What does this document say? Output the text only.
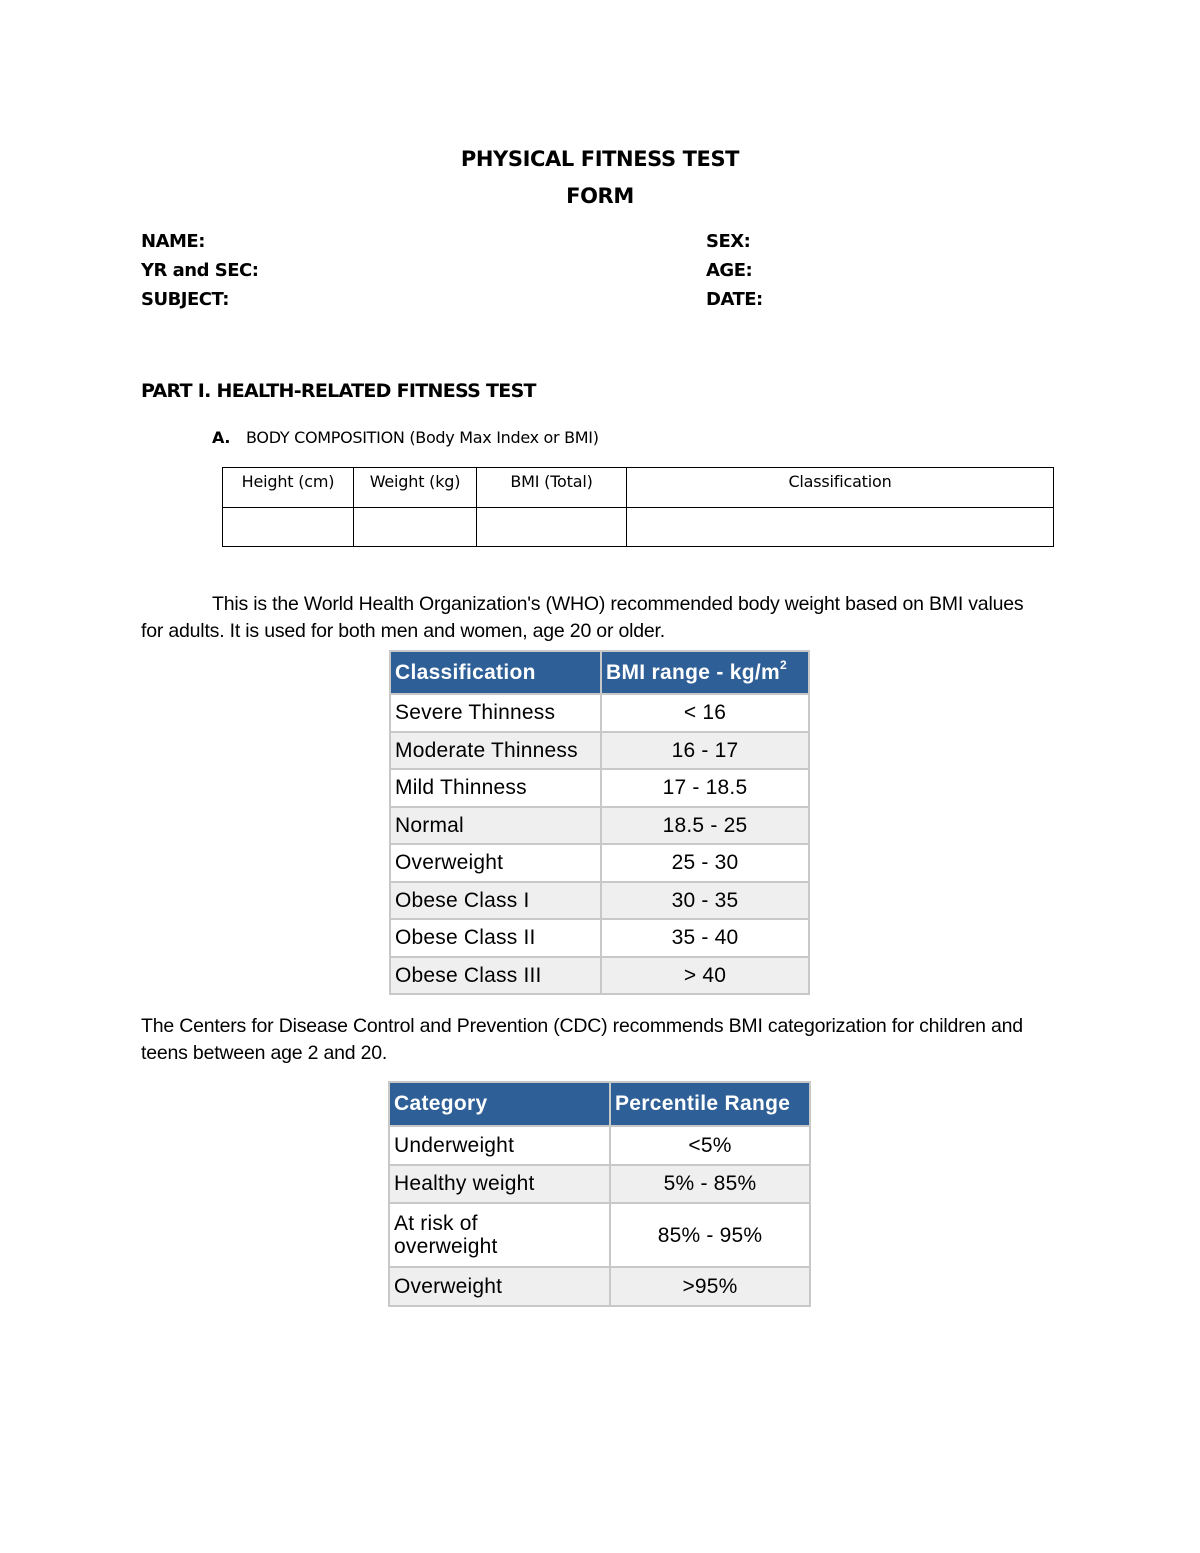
PHYSICAL FITNESS TEST
FORM
NAME:
YR and SEC:
SUBJECT:
SEX:
AGE:
DATE:
PART I. HEALTH-RELATED FITNESS TEST
A. BODY COMPOSITION (Body Max Index or BMI)
Height (cm)	Weight (kg)	BMI (Total)	Classification

This is the World Health Organization's (WHO) recommended body weight based on BMI values for adults. It is used for both men and women, age 20 or older.
Classification	BMI range - $kg/m^2$
Severe Thinness	< 16
Moderate Thinness	16 - 17
Mild Thinness	17 - 18.5
Normal	18.5 - 25
Overweight	25 - 30
Obese Class I	30 - 35
Obese Class II	35 - 40
Obese Class III	> 40
The Centers for Disease Control and Prevention (CDC) recommends BMI categorization for children and teens between age 2 and 20.
Category	Percentile Range
Underweight	<5%
Healthy weight	5% - 85%

At risk of overweight	85% - 95%
Overweight	>95%
